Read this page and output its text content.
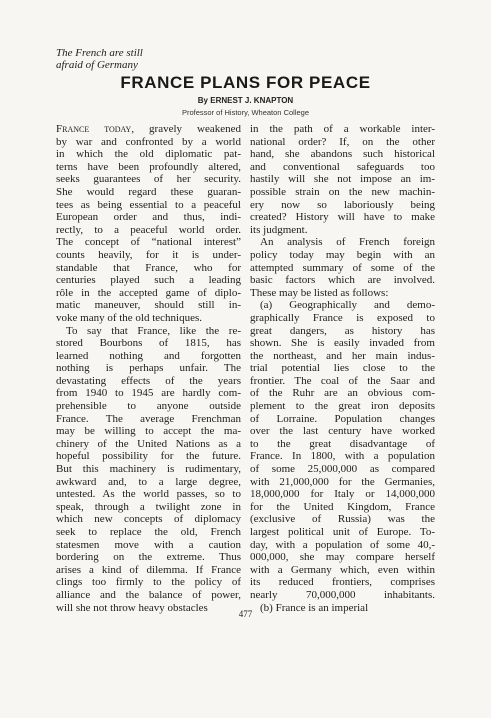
The French are still
afraid of Germany
FRANCE PLANS FOR PEACE
By ERNEST J. KNAPTON
Professor of History, Wheaton College
France today, gravely weakened
by war and confronted by a world
in which the old diplomatic pat-
terns have been profoundly altered,
seeks guarantees of her security.
She would regard these guaran-
tees as being essential to a peaceful
European order and thus, indi-
rectly, to a peaceful world order.
The concept of “national interest”
counts heavily, for it is under-
standable that France, who for
centuries played such a leading
rôle in the accepted game of diplo-
matic maneuver, should still in-
voke many of the old techniques.
To say that France, like the re-
stored Bourbons of 1815, has
learned nothing and forgotten
nothing is perhaps unfair. The
devastating effects of the years
from 1940 to 1945 are hardly com-
prehensible to anyone outside
France. The average Frenchman
may be willing to accept the ma-
chinery of the United Nations as a
hopeful possibility for the future.
But this machinery is rudimentary,
awkward and, to a large degree,
untested. As the world passes, so to
speak, through a twilight zone in
which new concepts of diplomacy
seek to replace the old, French
statesmen move with a caution
bordering on the extreme. Thus
arises a kind of dilemma. If France
clings too firmly to the policy of
alliance and the balance of power,
will she not throw heavy obstacles
in the path of a workable inter-
national order? If, on the other
hand, she abandons such historical
and conventional safeguards too
hastily will she not impose an im-
possible strain on the new machin-
ery now so laboriously being
created? History will have to make
its judgment.
An analysis of French foreign
policy today may begin with an
attempted summary of some of the
basic factors which are involved.
These may be listed as follows:
(a) Geographically and demo-
graphically France is exposed to
great dangers, as history has
shown. She is easily invaded from
the northeast, and her main indus-
trial potential lies close to the
frontier. The coal of the Saar and
of the Ruhr are an obvious com-
plement to the great iron deposits
of Lorraine. Population changes
over the last century have worked
to the great disadvantage of
France. In 1800, with a population
of some 25,000,000 as compared
with 21,000,000 for the Germanies,
18,000,000 for Italy or 14,000,000
for the United Kingdom, France
(exclusive of Russia) was the
largest political unit of Europe. To-
day, with a population of some 40,-
000,000, she may compare herself
with a Germany which, even within
its reduced frontiers, comprises
nearly 70,000,000 inhabitants.
(b) France is an imperial
477
